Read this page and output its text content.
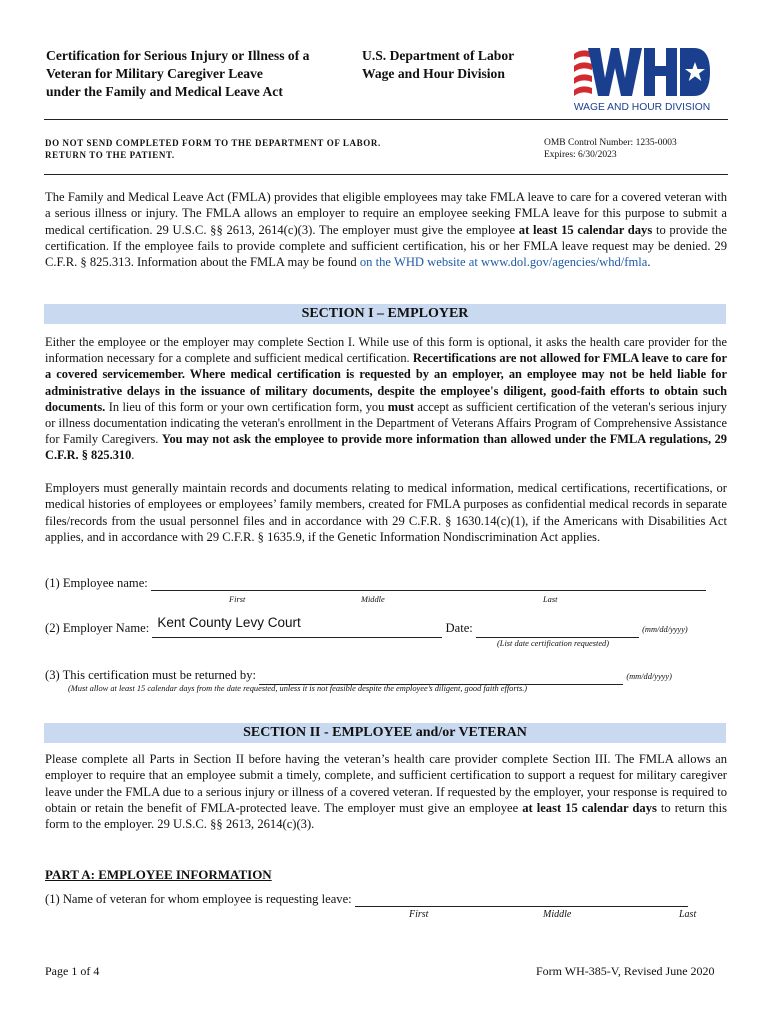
Certification for Serious Injury or Illness of a
Veteran for Military Caregiver Leave
under the Family and Medical Leave Act
U.S. Department of Labor
Wage and Hour Division
WAGE AND HOUR DIVISION
DO NOT SEND COMPLETED FORM TO THE DEPARTMENT OF LABOR.
RETURN TO THE PATIENT.
OMB Control Number: 1235-0003
Expires: 6/30/2023
The Family and Medical Leave Act (FMLA) provides that eligible employees may take FMLA leave to care for a covered veteran with a serious illness or injury. The FMLA allows an employer to require an employee seeking FMLA leave for this purpose to submit a medical certification. 29 U.S.C. §§ 2613, 2614(c)(3). The employer must give the employee at least 15 calendar days to provide the certification. If the employee fails to provide complete and sufficient certification, his or her FMLA leave request may be denied. 29 C.F.R. § 825.313. Information about the FMLA may be found on the WHD website at www.dol.gov/agencies/whd/fmla.
SECTION I – EMPLOYER
Either the employee or the employer may complete Section I. While use of this form is optional, it asks the health care provider for the information necessary for a complete and sufficient medical certification. Recertifications are not allowed for FMLA leave to care for a covered servicemember. Where medical certification is requested by an employer, an employee may not be held liable for administrative delays in the issuance of military documents, despite the employee's diligent, good-faith efforts to obtain such documents. In lieu of this form or your own certification form, you must accept as sufficient certification of the veteran's serious injury or illness documentation indicating the veteran's enrollment in the Department of Veterans Affairs Program of Comprehensive Assistance for Family Caregivers. You may not ask the employee to provide more information than allowed under the FMLA regulations, 29 C.F.R. § 825.310.
Employers must generally maintain records and documents relating to medical information, medical certifications, recertifications, or medical histories of employees or employees’ family members, created for FMLA purposes as confidential medical records in separate files/records from the usual personnel files and in accordance with 29 C.F.R. § 1630.14(c)(1), if the Americans with Disabilities Act applies, and in accordance with 29 C.F.R. § 1635.9, if the Genetic Information Nondiscrimination Act applies.
(1) Employee name:
First	Middle	Last
(2) Employer Name: Kent County Levy Court	Date:	(mm/dd/yyyy)
(List date certification requested)
(3) This certification must be returned by:	(mm/dd/yyyy)
(Must allow at least 15 calendar days from the date requested, unless it is not feasible despite the employee’s diligent, good faith efforts.)
SECTION II - EMPLOYEE and/or VETERAN
Please complete all Parts in Section II before having the veteran’s health care provider complete Section III. The FMLA allows an employer to require that an employee submit a timely, complete, and sufficient certification to support a request for military caregiver leave under the FMLA due to a serious injury or illness of a covered veteran. If requested by the employer, your response is required to obtain or retain the benefit of FMLA-protected leave. The employer must give an employee at least 15 calendar days to return this form to the employer. 29 U.S.C. §§ 2613, 2614(c)(3).
PART A: EMPLOYEE INFORMATION
(1) Name of veteran for whom employee is requesting leave:
First	Middle	Last
Page 1 of 4	Form WH-385-V, Revised June 2020
